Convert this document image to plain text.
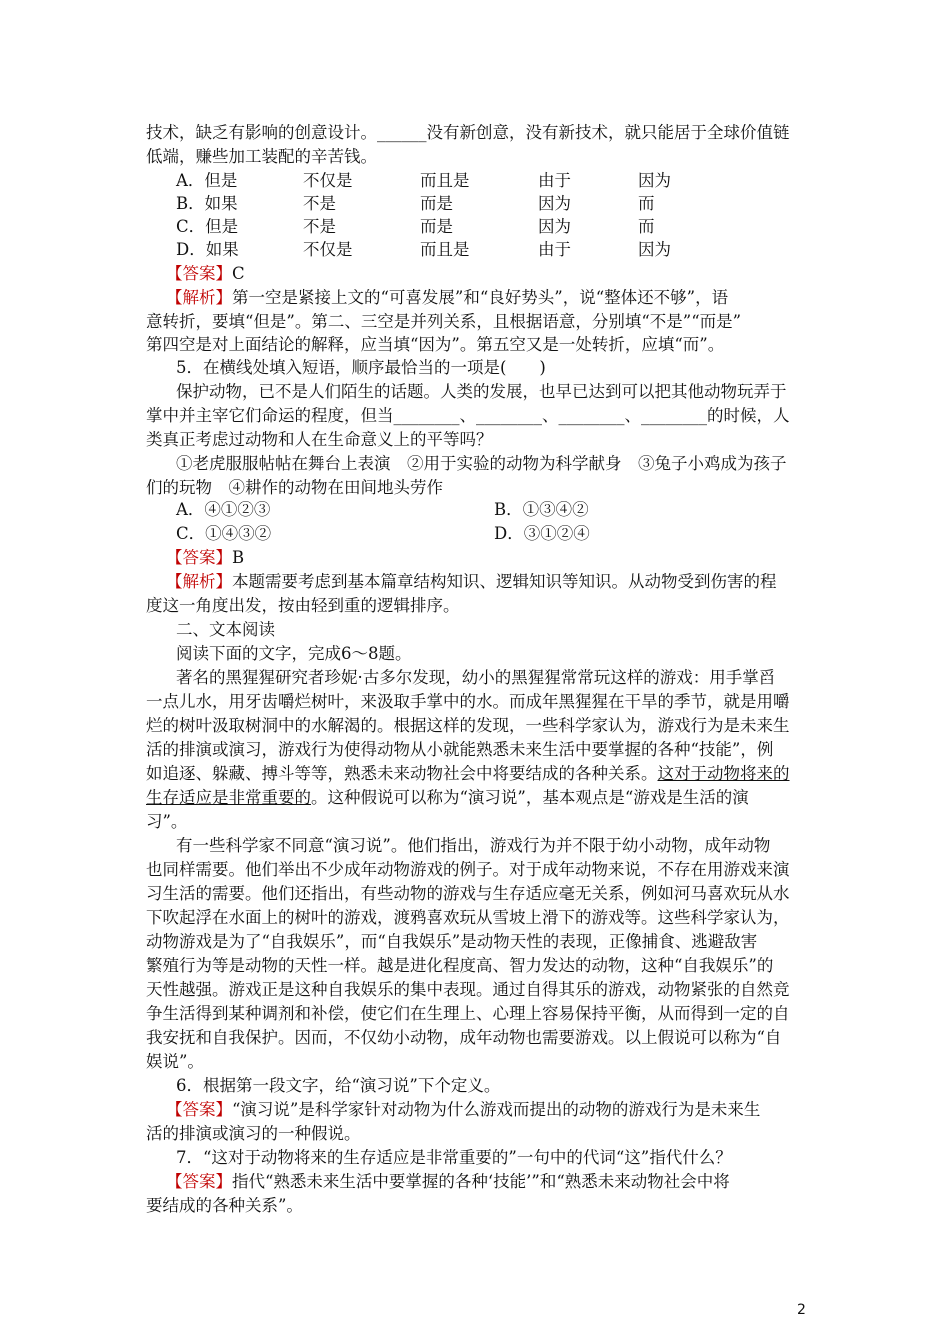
技术，缺乏有影响的创意设计。______没有新创意，没有新技术，就只能居于全球价值链
低端，赚些加工装配的辛苦钱。
A．但是	不仅是	而且是	由于	因为
B．如果	不是	而是	因为	而
C．但是	不是	而是	因为	而
D．如果	不仅是	而且是	由于	因为
【答案】C
【解析】第一空是紧接上文的“可喜发展”和“良好势头”，说“整体还不够”，语
意转折，要填“但是”。第二、三空是并列关系，且根据语意，分别填“不是”“而是”
第四空是对上面结论的解释，应当填“因为”。第五空又是一处转折，应填“而”。
5．在横线处填入短语，顺序最恰当的一项是(　　)
保护动物，已不是人们陌生的话题。人类的发展，也早已达到可以把其他动物玩弄于
掌中并主宰它们命运的程度，但当________、________、________、________的时候，人
类真正考虑过动物和人在生命意义上的平等吗？
①老虎服服帖帖在舞台上表演　②用于实验的动物为科学献身　③兔子小鸡成为孩子
们的玩物　④耕作的动物在田间地头劳作
A．④①②③	B．①③④②
C．①④③②	D．③①②④
【答案】B
【解析】本题需要考虑到基本篇章结构知识、逻辑知识等知识。从动物受到伤害的程
度这一角度出发，按由轻到重的逻辑排序。
二、文本阅读
阅读下面的文字，完成6～8题。
著名的黑猩猩研究者珍妮·古多尔发现，幼小的黑猩猩常常玩这样的游戏：用手掌舀
一点儿水，用牙齿嚼烂树叶，来汲取手掌中的水。而成年黑猩猩在干旱的季节，就是用嚼
烂的树叶汲取树洞中的水解渴的。根据这样的发现，一些科学家认为，游戏行为是未来生
活的排演或演习，游戏行为使得动物从小就能熟悉未来生活中要掌握的各种“技能”，例
如追逐、躲藏、搏斗等等，熟悉未来动物社会中将要结成的各种关系。这对于动物将来的
生存适应是非常重要的。这种假说可以称为“演习说”，基本观点是“游戏是生活的演
习”。
有一些科学家不同意“演习说”。他们指出，游戏行为并不限于幼小动物，成年动物
也同样需要。他们举出不少成年动物游戏的例子。对于成年动物来说，不存在用游戏来演
习生活的需要。他们还指出，有些动物的游戏与生存适应毫无关系，例如河马喜欢玩从水
下吹起浮在水面上的树叶的游戏，渡鸦喜欢玩从雪坡上滑下的游戏等。这些科学家认为，
动物游戏是为了“自我娱乐”，而“自我娱乐”是动物天性的表现，正像捕食、逃避敌害
繁殖行为等是动物的天性一样。越是进化程度高、智力发达的动物，这种“自我娱乐”的
天性越强。游戏正是这种自我娱乐的集中表现。通过自得其乐的游戏，动物紧张的自然竞
争生活得到某种调剂和补偿，使它们在生理上、心理上容易保持平衡，从而得到一定的自
我安抚和自我保护。因而，不仅幼小动物，成年动物也需要游戏。以上假说可以称为“自
娱说”。
6．根据第一段文字，给“演习说”下个定义。
【答案】“演习说”是科学家针对动物为什么游戏而提出的动物的游戏行为是未来生
活的排演或演习的一种假说。
7．“这对于动物将来的生存适应是非常重要的”一句中的代词“这”指代什么？
【答案】指代“熟悉未来生活中要掌握的各种‘技能’”和“熟悉未来动物社会中将
要结成的各种关系”。
2
